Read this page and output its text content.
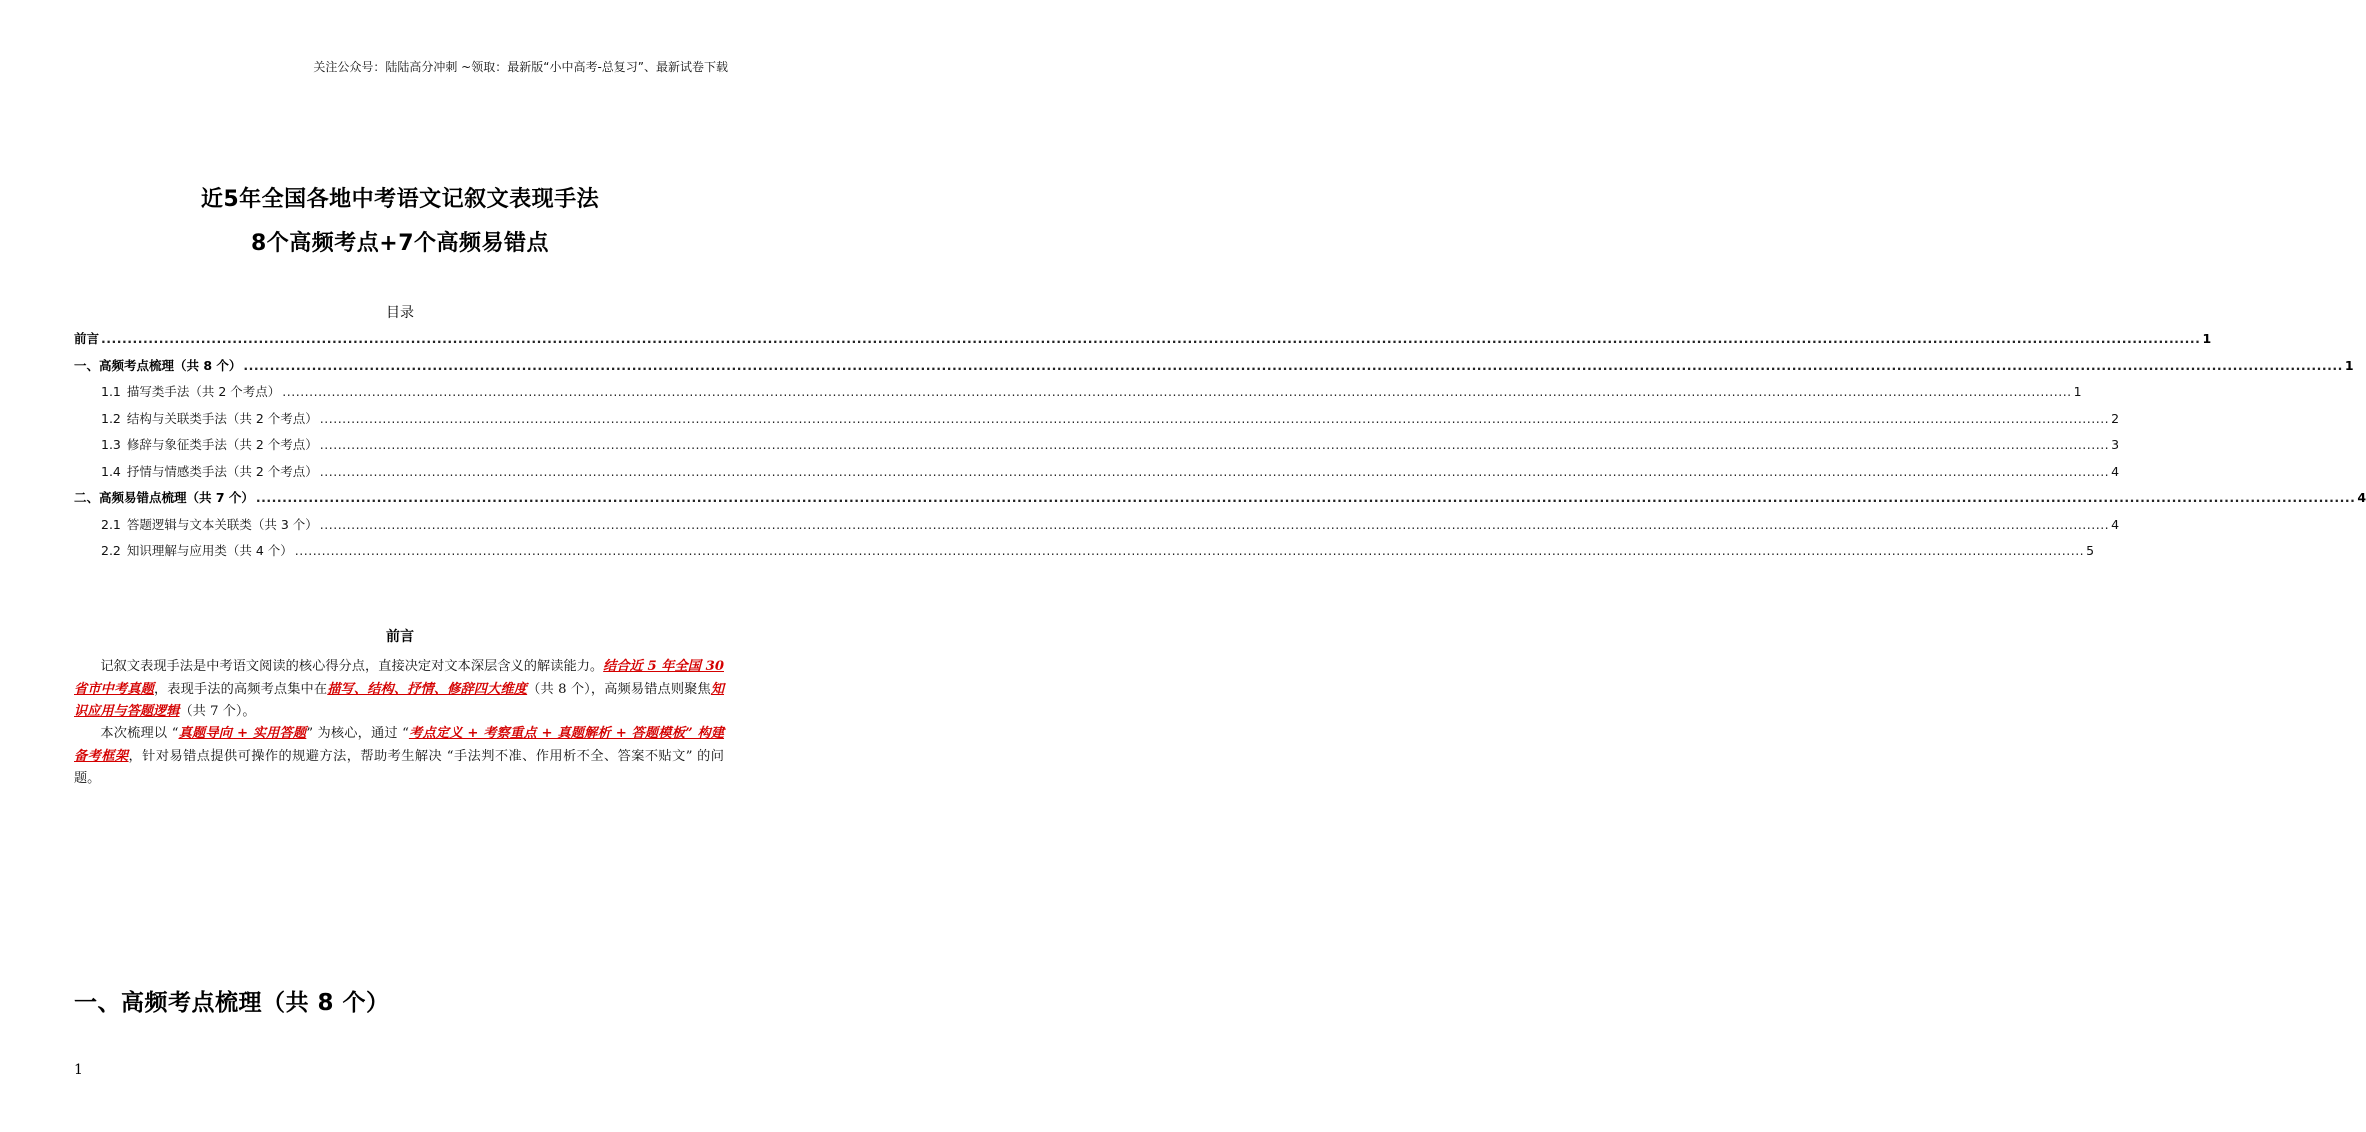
关注公众号：陆陆高分冲刺 ~领取：最新版“小中高考-总复习”、最新试卷下载
近5年全国各地中考语文记叙文表现手法
8个高频考点+7个高频易错点
目录
前言 ................................................................................................................................................................................................................................................................................................................................................................................................................ 1
一、高频考点梳理（共 8 个） ................................................................................................................................................................................................................................................................................................................................................................................................................ 1
1.1 描写类手法（共 2 个考点） ................................................................................................................................................................................................................................................................................................................................................................................................................ 1
1.2 结构与关联类手法（共 2 个考点） ................................................................................................................................................................................................................................................................................................................................................................................................................ 2
1.3 修辞与象征类手法（共 2 个考点） ................................................................................................................................................................................................................................................................................................................................................................................................................ 3
1.4 抒情与情感类手法（共 2 个考点） ................................................................................................................................................................................................................................................................................................................................................................................................................ 4
二、高频易错点梳理（共 7 个） ................................................................................................................................................................................................................................................................................................................................................................................................................ 4
2.1 答题逻辑与文本关联类（共 3 个） ................................................................................................................................................................................................................................................................................................................................................................................................................ 4
2.2 知识理解与应用类（共 4 个） ................................................................................................................................................................................................................................................................................................................................................................................................................ 5
前言
记叙文表现手法是中考语文阅读的核心得分点，直接决定对文本深层含义的解读能力。结合近 5 年全国 30 省市中考真题，表现手法的高频考点集中在描写、结构、抒情、修辞四大维度（共 8 个），高频易错点则聚焦知识应用与答题逻辑（共 7 个）。
本次梳理以 “真题导向 + 实用答题” 为核心，通过 “考点定义 + 考察重点 + 真题解析 + 答题模板” 构建备考框架，针对易错点提供可操作的规避方法，帮助考生解决 “手法判不准、作用析不全、答案不贴文” 的问题。
一、高频考点梳理（共 8 个）
1
